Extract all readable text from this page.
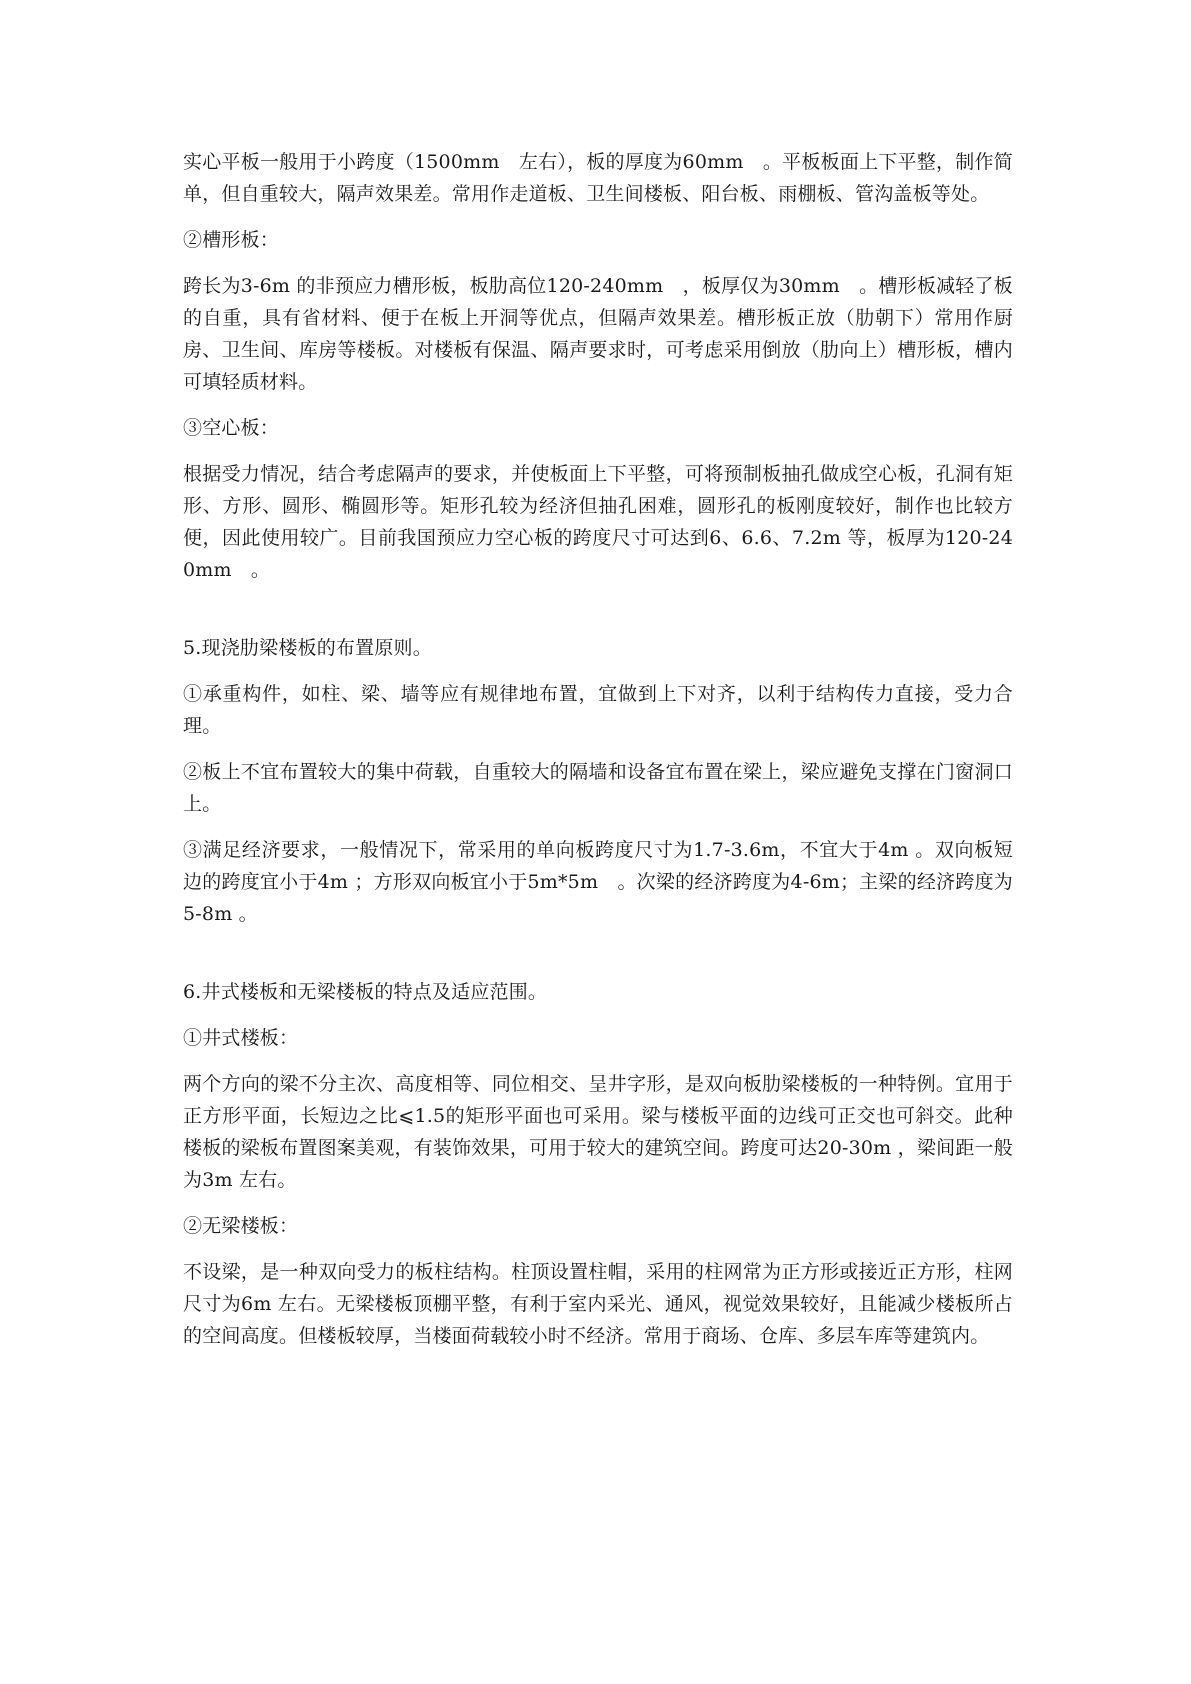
实心平板一般用于小跨度（1500mm　左右），板的厚度为60mm　。平板板面上下平整，制作简单，但自重较大，隔声效果差。常用作走道板、卫生间楼板、阳台板、雨棚板、管沟盖板等处。

②槽形板：

跨长为3-6m 的非预应力槽形板，板肋高位120-240mm　，板厚仅为30mm　。槽形板减轻了板的自重，具有省材料、便于在板上开洞等优点，但隔声效果差。槽形板正放（肋朝下）常用作厨房、卫生间、库房等楼板。对楼板有保温、隔声要求时，可考虑采用倒放（肋向上）槽形板，槽内可填轻质材料。

③空心板：

根据受力情况，结合考虑隔声的要求，并使板面上下平整，可将预制板抽孔做成空心板，孔洞有矩形、方形、圆形、椭圆形等。矩形孔较为经济但抽孔困难，圆形孔的板刚度较好，制作也比较方便，因此使用较广。目前我国预应力空心板的跨度尺寸可达到6、6.6、7.2m 等，板厚为120-240mm　。

5.现浇肋梁楼板的布置原则。

①承重构件，如柱、梁、墙等应有规律地布置，宜做到上下对齐，以利于结构传力直接，受力合理。

②板上不宜布置较大的集中荷载，自重较大的隔墙和设备宜布置在梁上，梁应避免支撑在门窗洞口上。

③满足经济要求，一般情况下，常采用的单向板跨度尺寸为1.7-3.6m，不宜大于4m 。双向板短边的跨度宜小于4m ；方形双向板宜小于5m*5m　。次梁的经济跨度为4-6m；主梁的经济跨度为5-8m 。

6.井式楼板和无梁楼板的特点及适应范围。

①井式楼板：

两个方向的梁不分主次、高度相等、同位相交、呈井字形，是双向板肋梁楼板的一种特例。宜用于正方形平面，长短边之比⩽1.5的矩形平面也可采用。梁与楼板平面的边线可正交也可斜交。此种楼板的梁板布置图案美观，有装饰效果，可用于较大的建筑空间。跨度可达20-30m ，梁间距一般为3m 左右。

②无梁楼板：

不设梁，是一种双向受力的板柱结构。柱顶设置柱帽，采用的柱网常为正方形或接近正方形，柱网尺寸为6m 左右。无梁楼板顶棚平整，有利于室内采光、通风，视觉效果较好，且能减少楼板所占的空间高度。但楼板较厚，当楼面荷载较小时不经济。常用于商场、仓库、多层车库等建筑内。
